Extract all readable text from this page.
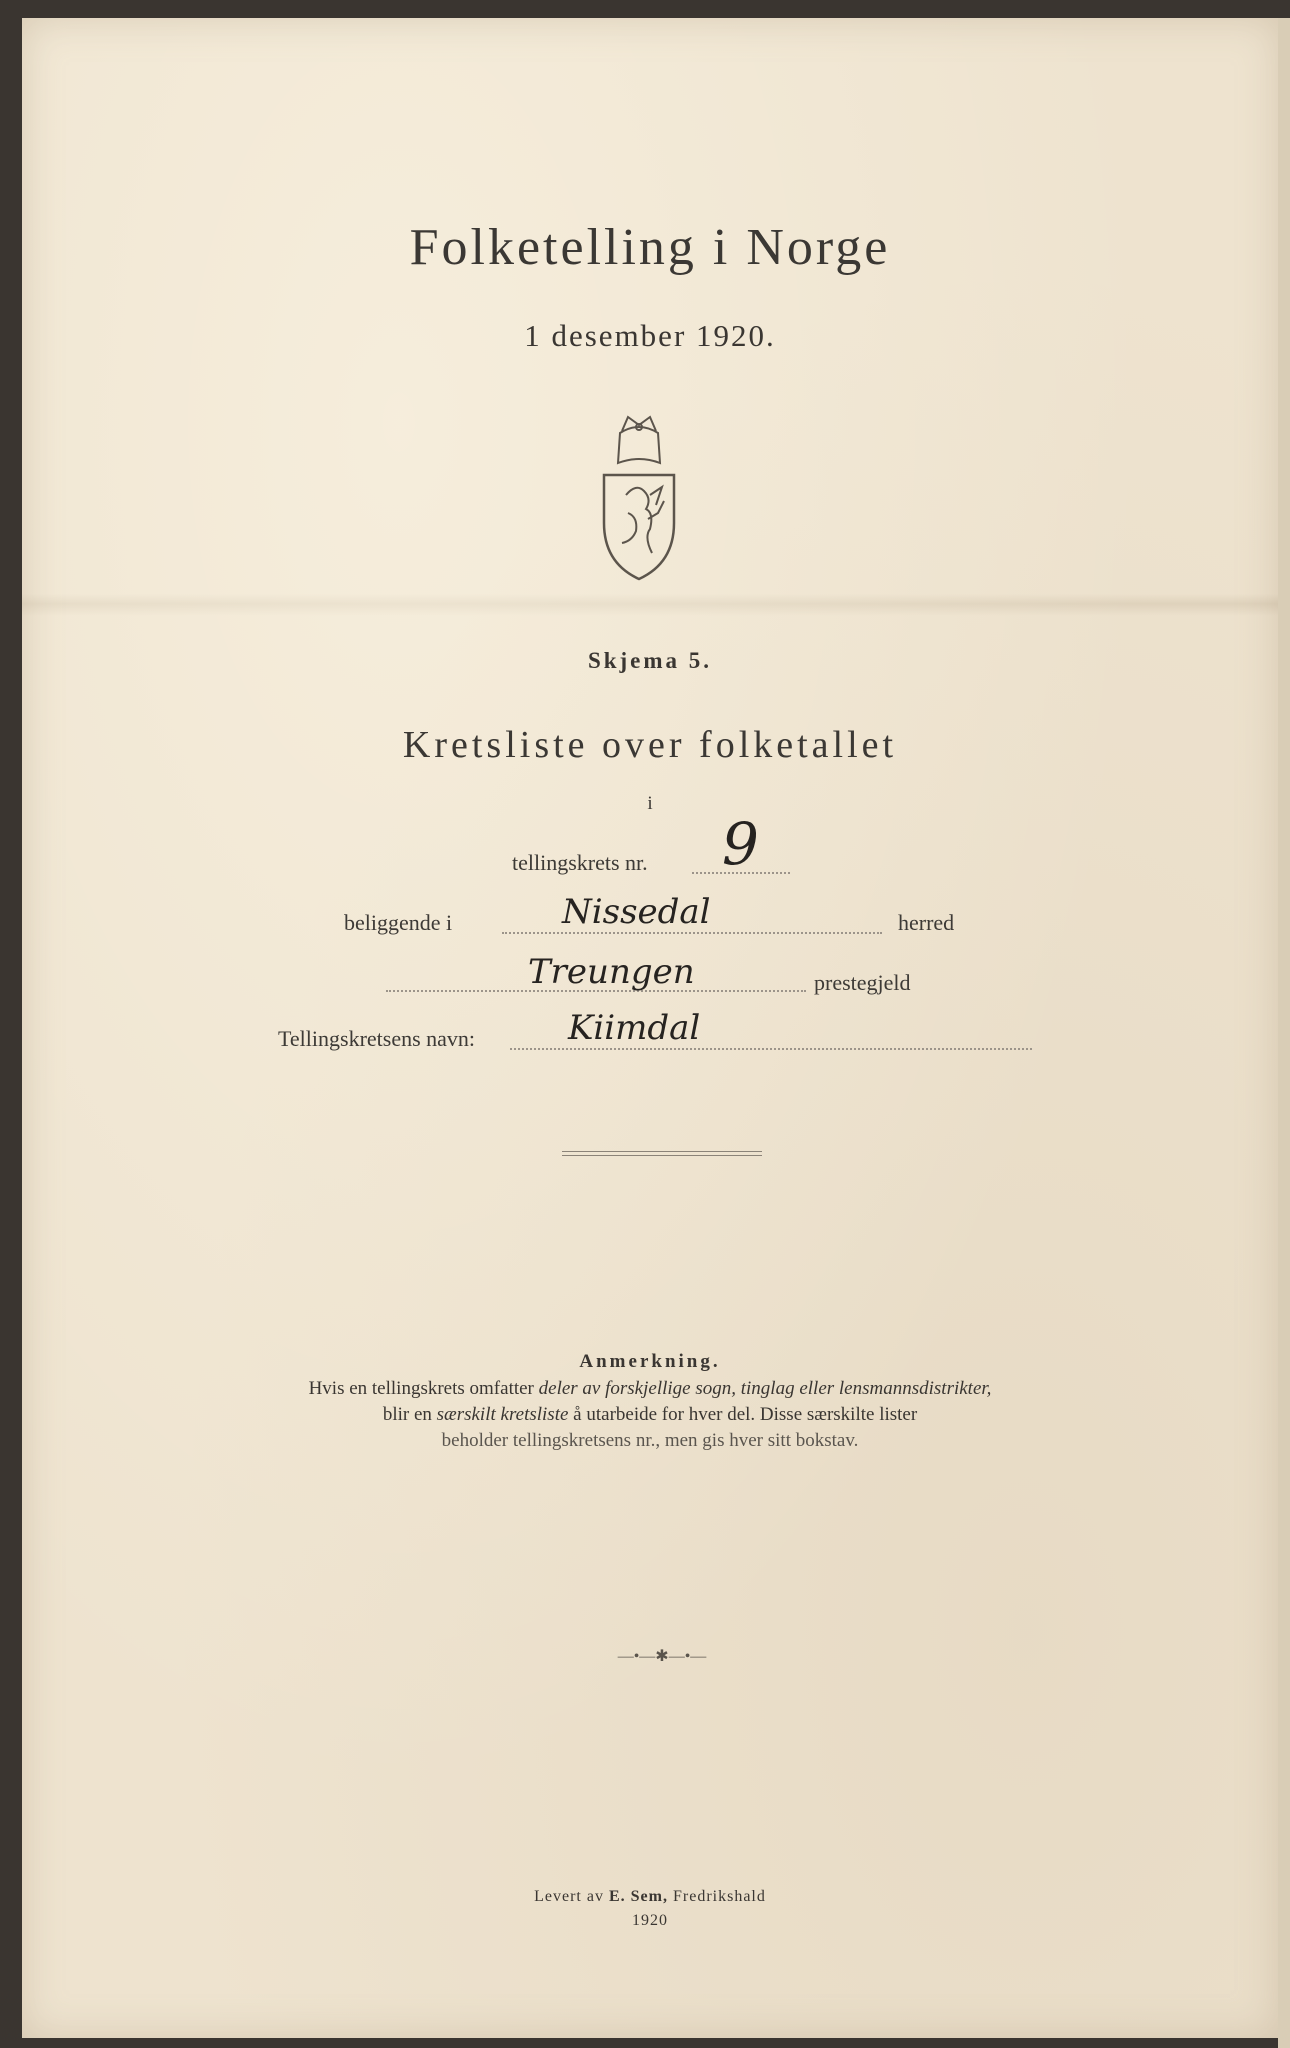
Folketelling i Norge
1 desember 1920.
Skjema 5.
Kretsliste over folketallet
i
tellingskrets nr. 9
beliggende i	Nissedal	herred
Treungen	prestegjeld
Tellingskretsens navn:	Kiimdal
Anmerkning.
Hvis en tellingskrets omfatter deler av forskjellige sogn, tinglag eller lensmannsdistrikter,
blir en særskilt kretsliste å utarbeide for hver del. Disse særskilte lister
beholder tellingskretsens nr., men gis hver sitt bokstav.
—•—✱—•—
Levert av E. Sem, Fredrikshald
1920
